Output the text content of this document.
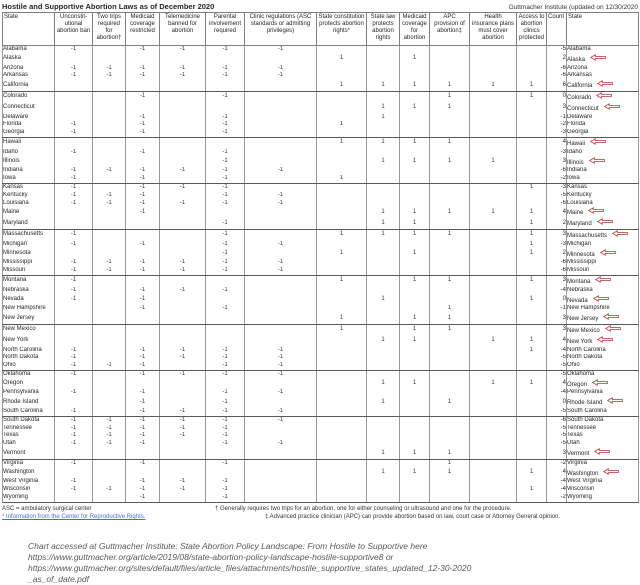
Hostile and Supportive Abortion Laws as of December 2020	Guttmacher Institute (updated on 12/30/2020
State	Unconstit-utional abortion ban	Two trips required for abortion†	Medicaid coverage restricted	Telemedicine banned for abortion	Parental involvement required	Clinic regulations (ASC standards or admitting privileges)	State constitution protects abortion rights*	State law protects abortion rights	Medicaid coverage for abortion	APC provision of abortion‡	Health insurance plans must cover abortion	Access to abortion clinics protected	Count	State
Alabama	-1		-1	-1	-1	-1							-5	Alabama
Alaska							1		1				2	Alaska
Arizona	-1	-1	-1	-1	-1	-1							-6	Arizona
Arkansas	-1	-1	-1	-1	-1	-1							-6	Arkansas
California							1	1	1	1	1	1	6	California
Colorado			-1		-1					1		1	0	Colorado
Connecticut								1	1	1			3	Connecticut
Delaware			-1		-1			1					-1	Delaware
Florida	-1		-1		-1		1						-2	Florida
Georgia	-1		-1		-1								-3	Georgia
Hawaii							1	1	1	1			4	Hawaii
Idaho	-1		-1		-1								-3	Idaho
Illinois					-1			1	1	1	1		3	Illinois
Indiana	-1	-1	-1	-1	-1	-1							-6	Indiana
Iowa	-1		-1		-1		1						-2	Iowa
Kansas	-1		-1	-1	-1							1	-3	Kansas
Kentucky	-1	-1	-1		-1	-1							-5	Kentucky
Louisiana	-1	-1	-1	-1	-1	-1							-6	Louisiana
Maine			-1					1	1	1	1	1	4	Maine
Maryland					-1			1	1			1	2	Maryland
Massachusetts	-1				-1		1	1	1	1		1	3	Massachusetts
Michigan	-1		-1		-1	-1						1	-3	Michigan
Minnesota					-1		1		1			1	2	Minnesota
Mississippi	-1	-1	-1	-1	-1	-1							-6	Mississippi
Missouri	-1	-1	-1	-1	-1	-1							-6	Missouri
Montana	-1						1		1	1		1	3	Montana
Nebraska	-1		-1	-1	-1								-4	Nebraska
Nevada	-1		-1					1				1	0	Nevada
New Hampshire			-1		-1					1			-1	New Hampshire
New Jersey							1		1	1			3	New Jersey
New Mexico							1		1	1			3	New Mexico
New York								1	1		1	1	4	New York
North Carolina	-1		-1	-1	-1	-1						1	-4	North Carolina
North Dakota	-1		-1	-1	-1	-1							-5	North Dakota
Ohio	-1	-1	-1		-1	-1							-5	Ohio
Oklahoma	-1		-1	-1	-1	-1							-5	Oklahoma
Oregon								1	1		1	1	4	Oregon
Pennsylvania	-1		-1		-1	-1							-4	Pennsylvania
Rhode Island			-1		-1			1		1			0	Rhode Island
South Carolina	-1		-1	-1	-1	-1							-5	South Carolina
South Dakota	-1	-1	-1	-1	-1	-1							-6	South Dakota
Tennessee	-1	-1	-1	-1	-1								-5	Tennessee
Texas	-1	-1	-1	-1	-1								-5	Texas
Utah	-1	-1	-1		-1	-1							-5	Utah
Vermont								1	1	1			3	Vermont
Virginia	-1		-1		-1					1			-2	Virginia
Washington								1	1	1		1	4	Washington
West Virginia	-1		-1	-1	-1								-4	West Virginia
Wisconsin	-1	-1	-1	-1	-1							1	-4	Wisconsin
Wyoming			-1		-1								-2	Wyoming
ASC = ambulatory surgical center	† Generally requires two trips for an abortion, one for either counseling or ultrasound and one for the procedure.
* Information from the Center for Reproductive Rights.	‡ Advanced practice clinician (APC) can provide abortion based on law, court case or Attorney General opinion.
Chart accessed at Guttmacher Institute: State Abortion Policy Landscape: From Hostile to Supportive here
https://www.guttmacher.org/article/2019/08/state-abortion-policy-landscape-hostile-supportive8 or
https://www.guttmacher.org/sites/default/files/article_files/attachments/hostile_supportive_states_updated_12-30-2020
_as_of_date.pdf
